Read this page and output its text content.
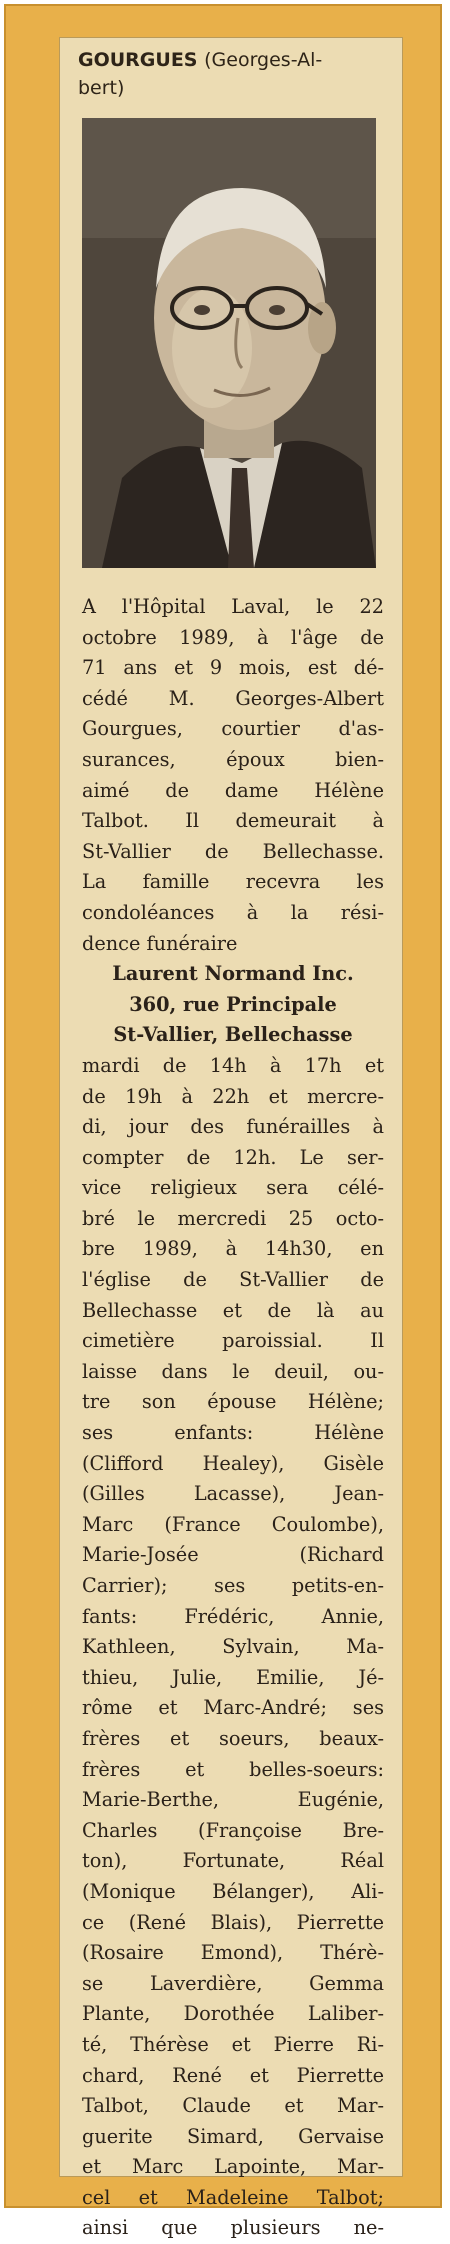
GOURGUES (Georges-Al-
bert)
A l'Hôpital Laval, le 22
octobre 1989, à l'âge de
71 ans et 9 mois, est dé-
cédé M. Georges-Albert
Gourgues, courtier d'as-
surances, époux bien-
aimé de dame Hélène
Talbot. Il demeurait à
St-Vallier de Bellechasse.
La famille recevra les
condoléances à la rési-
dence funéraire
Laurent Normand Inc.
360, rue Principale
St-Vallier, Bellechasse
mardi de 14h à 17h et
de 19h à 22h et mercre-
di, jour des funérailles à
compter de 12h. Le ser-
vice religieux sera célé-
bré le mercredi 25 octo-
bre 1989, à 14h30, en
l'église de St-Vallier de
Bellechasse et de là au
cimetière paroissial. Il
laisse dans le deuil, ou-
tre son épouse Hélène;
ses enfants: Hélène
(Clifford Healey), Gisèle
(Gilles Lacasse), Jean-
Marc (France Coulombe),
Marie-Josée (Richard
Carrier); ses petits-en-
fants: Frédéric, Annie,
Kathleen, Sylvain, Ma-
thieu, Julie, Emilie, Jé-
rôme et Marc-André; ses
frères et soeurs, beaux-
frères et belles-soeurs:
Marie-Berthe, Eugénie,
Charles (Françoise Bre-
ton), Fortunate, Réal
(Monique Bélanger), Ali-
ce (René Blais), Pierrette
(Rosaire Emond), Thérè-
se Laverdière, Gemma
Plante, Dorothée Laliber-
té, Thérèse et Pierre Ri-
chard, René et Pierrette
Talbot, Claude et Mar-
guerite Simard, Gervaise
et Marc Lapointe, Mar-
cel et Madeleine Talbot;
ainsi que plusieurs ne-
